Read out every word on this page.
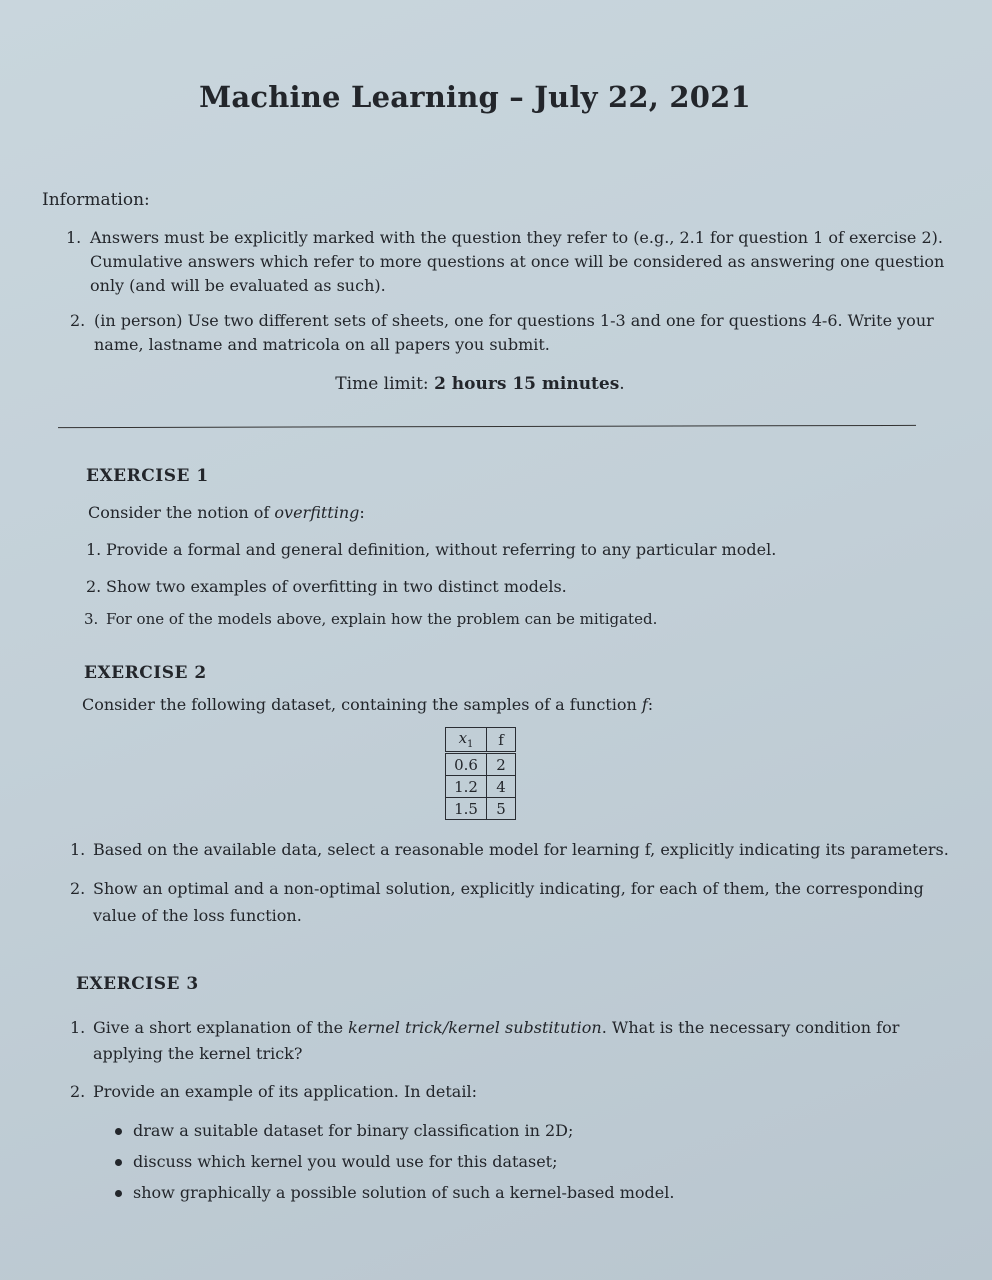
Machine Learning – July 22, 2021
Information:
1. Answers must be explicitly marked with the question they refer to (e.g., 2.1 for question 1 of exercise 2).
Cumulative answers which refer to more questions at once will be considered as answering one question
only (and will be evaluated as such).
2. (in person) Use two different sets of sheets, one for questions 1-3 and one for questions 4-6. Write your
name, lastname and matricola on all papers you submit.
Time limit: 2 hours 15 minutes.
EXERCISE 1
Consider the notion of overfitting:
1. Provide a formal and general definition, without referring to any particular model.
2. Show two examples of overfitting in two distinct models.
3. For one of the models above, explain how the problem can be mitigated.
EXERCISE 2
Consider the following dataset, containing the samples of a function f:
$x_1$	f
0.6	2
1.2	4
1.5	5
1. Based on the available data, select a reasonable model for learning f, explicitly indicating its parameters.
2. Show an optimal and a non-optimal solution, explicitly indicating, for each of them, the corresponding
value of the loss function.
EXERCISE 3
1. Give a short explanation of the kernel trick/kernel substitution. What is the necessary condition for
applying the kernel trick?
2. Provide an example of its application. In detail:
draw a suitable dataset for binary classification in 2D;
discuss which kernel you would use for this dataset;
show graphically a possible solution of such a kernel-based model.
